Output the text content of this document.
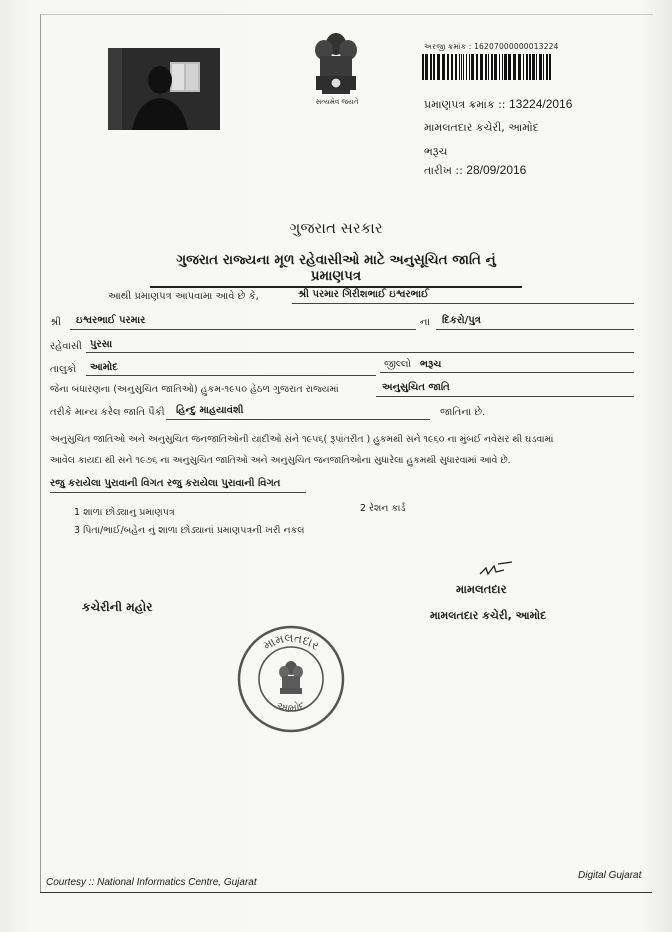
સત્યમેવ જયતે
અરજી ક્રમાંક : 16207000000013224
પ્રમાણપત્ર ક્રમાંક :: 13224/2016
મામલતદાર કચેરી, આમોદ
ભરૂચ
તારીખ :: 28/09/2016
ગુજરાત સરકાર
ગુજરાત રાજ્યના મૂળ રહેવાસીઓ માટે અનુસૂચિત જાતિ નું પ્રમાણપત્ર
આથી પ્રમાણપત્ર આપવામા આવે છે કે,	શ્રી પરમાર ગિરીશભાઈ ઇશ્વરભાઈ
શ્રી ઇશ્વરભાઈ પરમાર	ના દિકરો/પુત્ર
રહેવાસી પુરસા
તાલુકો આમોદ	જીલ્લો ભરૂચ
જેના બંધારણના (અનુસુચિત જાતિઓ) હુકમ-૧૯૫૦ હેઠળ ગુજરાત રાજ્યમાં	અનુસુચિત જાતિ
તરીકે માન્ય કરેલ જાતિ પૈકી હિન્દુ માહયાવંશી	જાતિના છે.
અનુસુચિત જાતિઓ અને અનુસુચિત જનજાતિઓની યાદીઓ સને ૧૯૫૬( રૂપાંતરીત ) હુકમથી સને ૧૯૬૦ ના મુંબઈ નવેસર થી ઘડવામાં
આવેલ કાયદા થી સને ૧૯૭૬ ના અનુસુચિત જાતિઓ અને અનુસુચિત જનજાતિઓના સુધારેલા હુકમથી સુધારવામાં આવે છે.
રજુ કરાયેલા પુરાવાની વિગત રજુ કરાયેલા પુરાવાની વિગત
1 શાળા છોડ્યાનુ પ્રમાણપત્ર	2 રેશન કાર્ડ
3 પિતા/ભાઈ/બહેન નું શાળા છોડ્યાનાં પ્રમાણપત્રની ખરી નકલ
મામલતદાર
મામલતદાર કચેરી, આમોદ
કચેરીની મહોર
મામલતદાર
આમોદ
Courtesy :: National Informatics Centre, Gujarat
Digital Gujarat
